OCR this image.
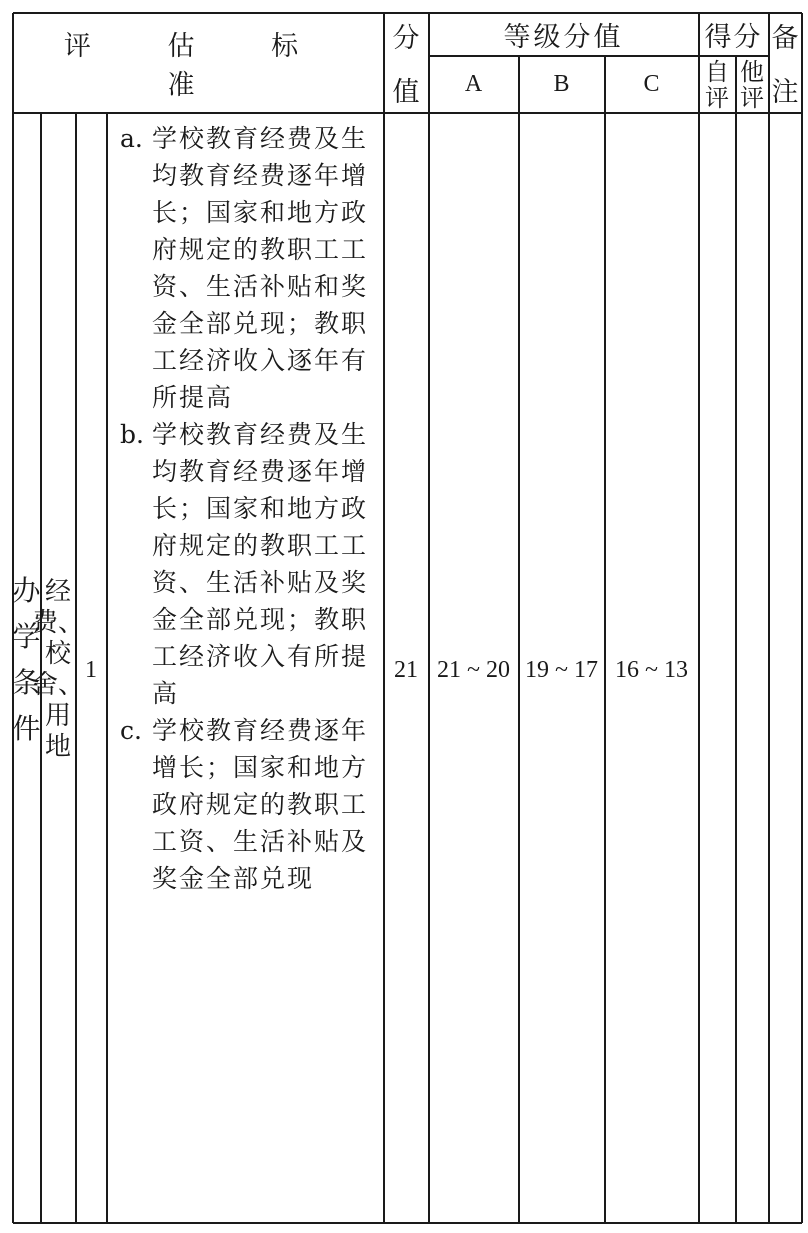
评 估 标 准
分
值
等级分值
A	B	C
得分
自
评
他
评
备
注
办
学
条
件
经
费、
校
舍、
用
地
1
a. 学校教育经费及生均教育经费逐年增长；国家和地方政府规定的教职工工资、生活补贴和奖金全部兑现；教职工经济收入逐年有所提高
b. 学校教育经费及生均教育经费逐年增长；国家和地方政府规定的教职工工资、生活补贴及奖金全部兑现；教职工经济收入有所提高
c. 学校教育经费逐年增长；国家和地方政府规定的教职工工资、生活补贴及奖金全部兑现
21 21 ~ 20 19 ~ 17 16 ~ 13
